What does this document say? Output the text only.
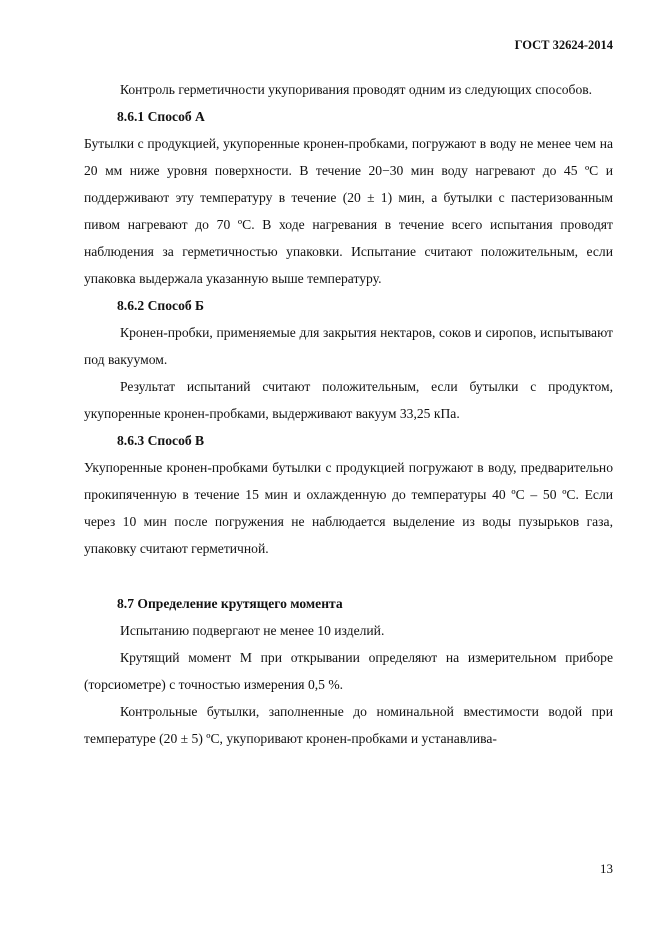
ГОСТ 32624-2014

Контроль герметичности укупоривания проводят одним из следующих способов.

8.6.1 Способ А

Бутылки с продукцией, укупоренные кронен-пробками, погружают в воду не менее чем на 20 мм ниже уровня поверхности. В течение 20−30 мин воду нагревают до 45 ºС и поддерживают эту температуру в течение (20 ± 1) мин, а бутылки с пастеризованным пивом нагревают до 70 ºС. В ходе нагревания в течение всего испытания проводят наблюдения за герметичностью упаковки. Испытание считают положительным, если упаковка выдержала указанную выше температуру.

8.6.2 Способ Б

Кронен-пробки, применяемые для закрытия нектаров, соков и сиропов, испытывают под вакуумом.

Результат испытаний считают положительным, если бутылки с продуктом, укупоренные кронен-пробками, выдерживают вакуум 33,25 кПа.

8.6.3 Способ В

Укупоренные кронен-пробками бутылки с продукцией погружают в воду, предварительно прокипяченную в течение 15 мин и охлажденную до температуры 40 ºС – 50 ºС. Если через 10 мин после погружения не наблюдается выделение из воды пузырьков газа, упаковку считают герметичной.

8.7 Определение крутящего момента

Испытанию подвергают не менее 10 изделий.

Крутящий момент М при открывании определяют на измерительном приборе (торсиометре) с точностью измерения 0,5 %.

Контрольные бутылки, заполненные до номинальной вместимости водой при температуре (20 ± 5) ºС, укупоривают кронен-пробками и устанавлива-

13
